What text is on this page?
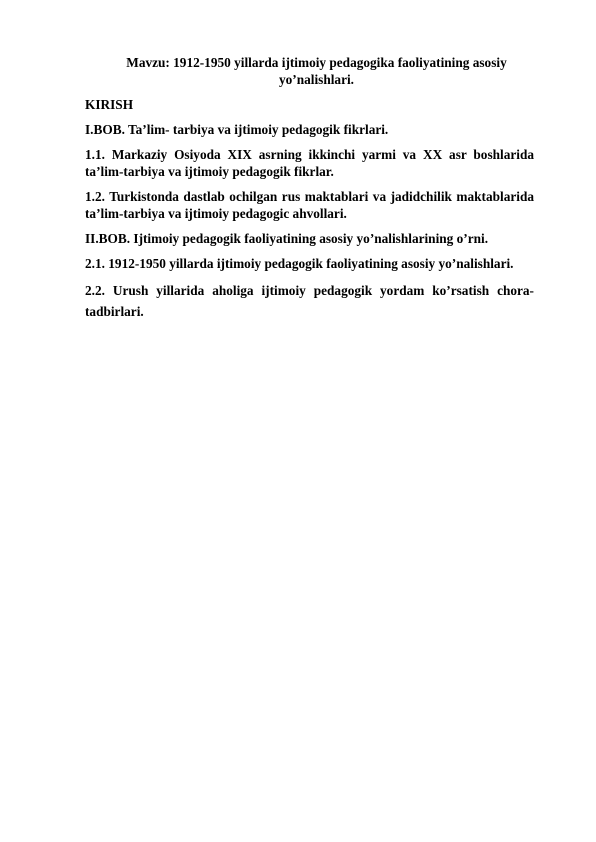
Mavzu: 1912-1950 yillarda ijtimoiy pedagogika faoliyatining asosiy
yo’nalishlari.
KIRISH
I.BOB. Ta’lim- tarbiya va ijtimoiy pedagogik fikrlari.
1.1. Markaziy Osiyoda XIX asrning ikkinchi yarmi va XX asr boshlarida
ta’lim-tarbiya va ijtimoiy pedagogik fikrlar.
1.2. Turkistonda dastlab ochilgan rus maktablari va jadidchilik maktablarida
ta’lim-tarbiya va ijtimoiy pedagogic ahvollari.
II.BOB. Ijtimoiy pedagogik faoliyatining asosiy yo’nalishlarining o’rni.
2.1. 1912-1950 yillarda ijtimoiy pedagogik faoliyatining asosiy yo’nalishlari.
2.2. Urush yillarida aholiga ijtimoiy pedagogik yordam ko’rsatish chora-
tadbirlari.
